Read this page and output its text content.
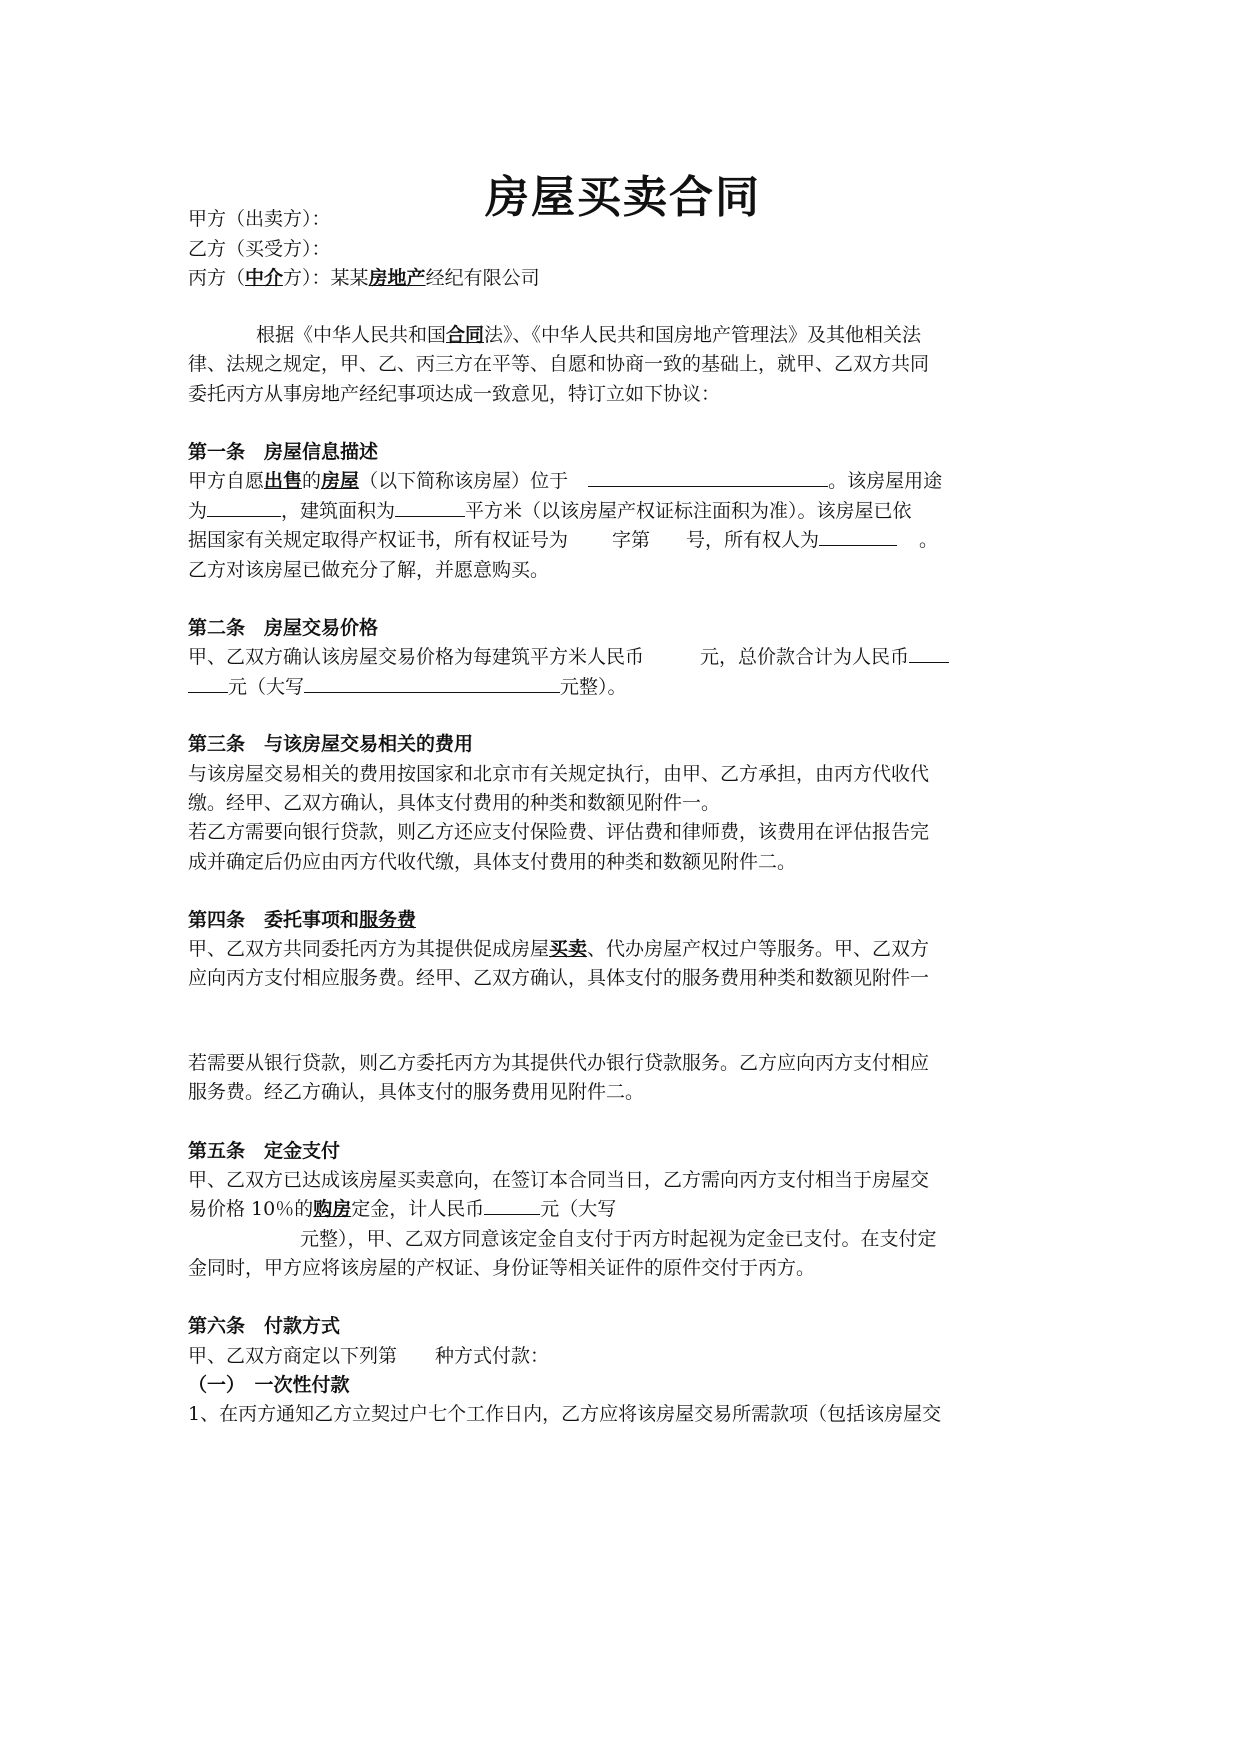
房屋买卖合同
甲方（出卖方）：
乙方（买受方）：
丙方（中介方）：某某房地产经纪有限公司
根据《中华人民共和国合同法》、《中华人民共和国房地产管理法》及其他相关法
律、法规之规定，甲、乙、丙三方在平等、自愿和协商一致的基础上，就甲、乙双方共同
委托丙方从事房地产经纪事项达成一致意见，特订立如下协议：
第一条　房屋信息描述
甲方自愿出售的房屋（以下简称该房屋）位于	。该房屋用途
为	，建筑面积为	平方米（以该房屋产权证标注面积为准）。该房屋已依
据国家有关规定取得产权证书，所有权证号为 字第 号，所有权人为	。
乙方对该房屋已做充分了解，并愿意购买。
第二条　房屋交易价格
甲、乙双方确认该房屋交易价格为每建筑平方米人民币	元，总价款合计为人民币
元（大写	元整）。
第三条　与该房屋交易相关的费用
与该房屋交易相关的费用按国家和北京市有关规定执行，由甲、乙方承担，由丙方代收代
缴。经甲、乙双方确认，具体支付费用的种类和数额见附件一。
若乙方需要向银行贷款，则乙方还应支付保险费、评估费和律师费，该费用在评估报告完
成并确定后仍应由丙方代收代缴，具体支付费用的种类和数额见附件二。
第四条　委托事项和服务费
甲、乙双方共同委托丙方为其提供促成房屋买卖、代办房屋产权过户等服务。甲、乙双方
应向丙方支付相应服务费。经甲、乙双方确认，具体支付的服务费用种类和数额见附件一
若需要从银行贷款，则乙方委托丙方为其提供代办银行贷款服务。乙方应向丙方支付相应
服务费。经乙方确认，具体支付的服务费用见附件二。
第五条　定金支付
甲、乙双方已达成该房屋买卖意向，在签订本合同当日，乙方需向丙方支付相当于房屋交
易价格 10％的购房定金，计人民币	元（大写
元整），甲、乙双方同意该定金自支付于丙方时起视为定金已支付。在支付定
金同时，甲方应将该房屋的产权证、身份证等相关证件的原件交付于丙方。
第六条　付款方式
甲、乙双方商定以下列第 种方式付款：
（一）　一次性付款
1、在丙方通知乙方立契过户七个工作日内，乙方应将该房屋交易所需款项（包括该房屋交
